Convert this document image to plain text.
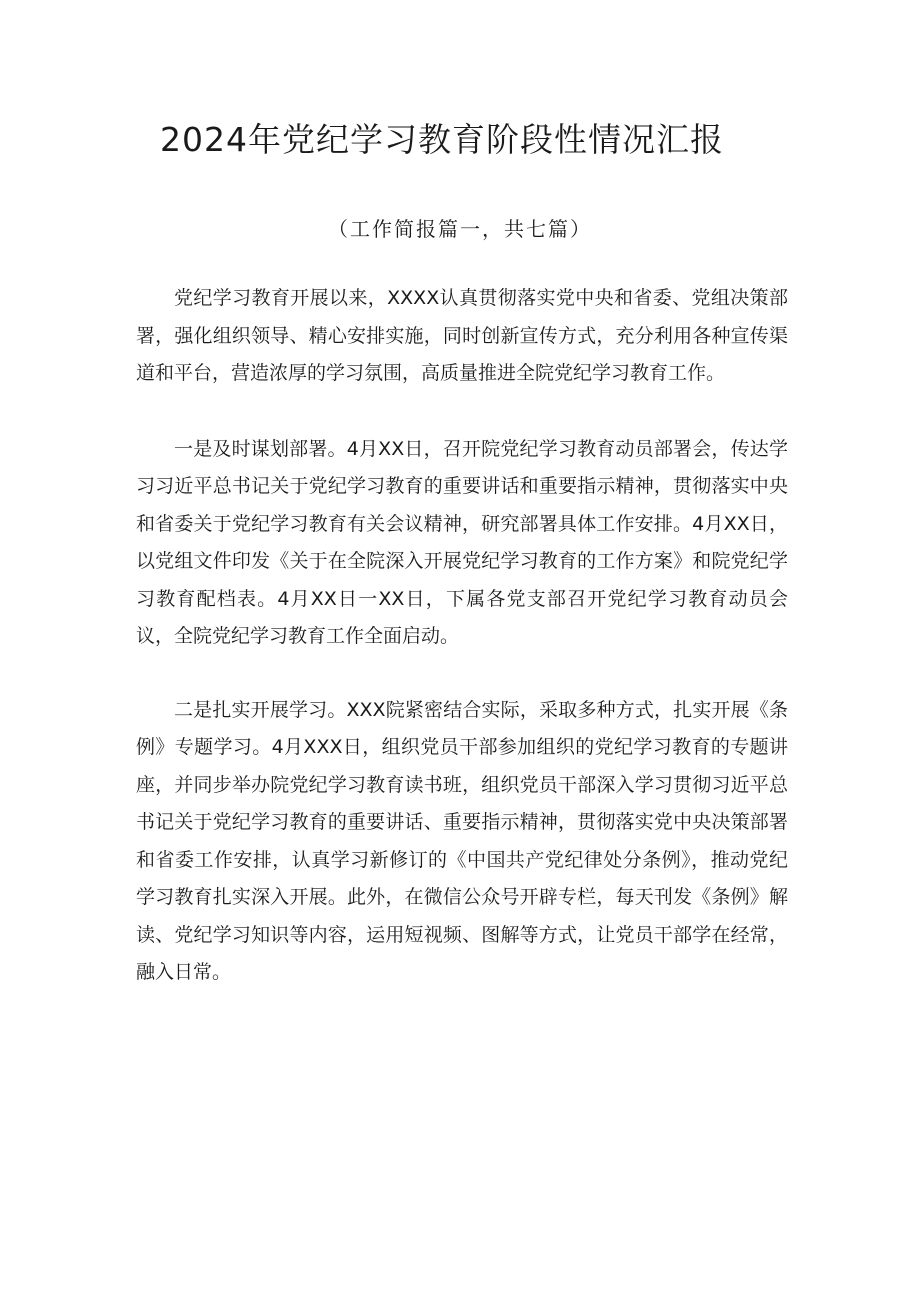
2024年党纪学习教育阶段性情况汇报
（工作简报篇一，共七篇）

党纪学习教育开展以来，XXXX认真贯彻落实党中央和省委、党组决策部署，强化组织领导、精心安排实施，同时创新宣传方式，充分利用各种宣传渠道和平台，营造浓厚的学习氛围，高质量推进全院党纪学习教育工作。

一是及时谋划部署。4月XX日，召开院党纪学习教育动员部署会，传达学习习近平总书记关于党纪学习教育的重要讲话和重要指示精神，贯彻落实中央和省委关于党纪学习教育有关会议精神，研究部署具体工作安排。4月XX日，以党组文件印发《关于在全院深入开展党纪学习教育的工作方案》和院党纪学习教育配档表。4月XX日一XX日，下属各党支部召开党纪学习教育动员会议，全院党纪学习教育工作全面启动。

二是扎实开展学习。XXX院紧密结合实际，采取多种方式，扎实开展《条例》专题学习。4月XXX日，组织党员干部参加组织的党纪学习教育的专题讲座，并同步举办院党纪学习教育读书班，组织党员干部深入学习贯彻习近平总书记关于党纪学习教育的重要讲话、重要指示精神，贯彻落实党中央决策部署和省委工作安排，认真学习新修订的《中国共产党纪律处分条例》，推动党纪学习教育扎实深入开展。此外，在微信公众号开辟专栏，每天刊发《条例》解读、党纪学习知识等内容，运用短视频、图解等方式，让党员干部学在经常，融入日常。
